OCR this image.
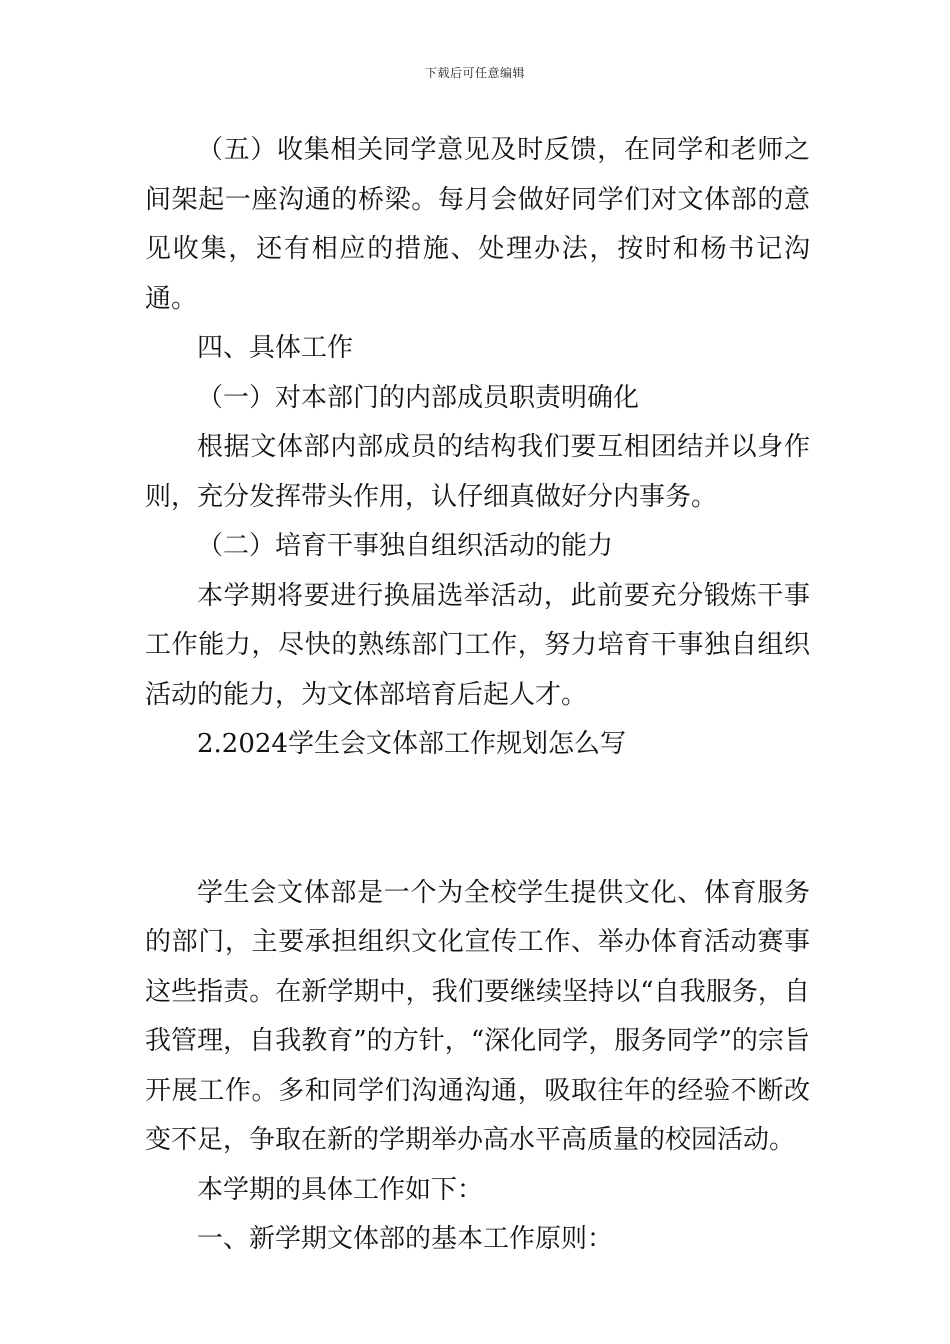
下载后可任意编辑

（五）收集相关同学意见及时反馈，在同学和老师之间架起一座沟通的桥梁。每月会做好同学们对文体部的意见收集，还有相应的措施、处理办法，按时和杨书记沟通。

四、具体工作

（一）对本部门的内部成员职责明确化

根据文体部内部成员的结构我们要互相团结并以身作则，充分发挥带头作用，认仔细真做好分内事务。

（二）培育干事独自组织活动的能力

本学期将要进行换届选举活动，此前要充分锻炼干事工作能力，尽快的熟练部门工作，努力培育干事独自组织活动的能力，为文体部培育后起人才。

2.2024学生会文体部工作规划怎么写

学生会文体部是一个为全校学生提供文化、体育服务的部门，主要承担组织文化宣传工作、举办体育活动赛事这些指责。在新学期中，我们要继续坚持以“自我服务，自我管理，自我教育”的方针，“深化同学，服务同学”的宗旨开展工作。多和同学们沟通沟通，吸取往年的经验不断改变不足，争取在新的学期举办高水平高质量的校园活动。

本学期的具体工作如下：

一、新学期文体部的基本工作原则：
